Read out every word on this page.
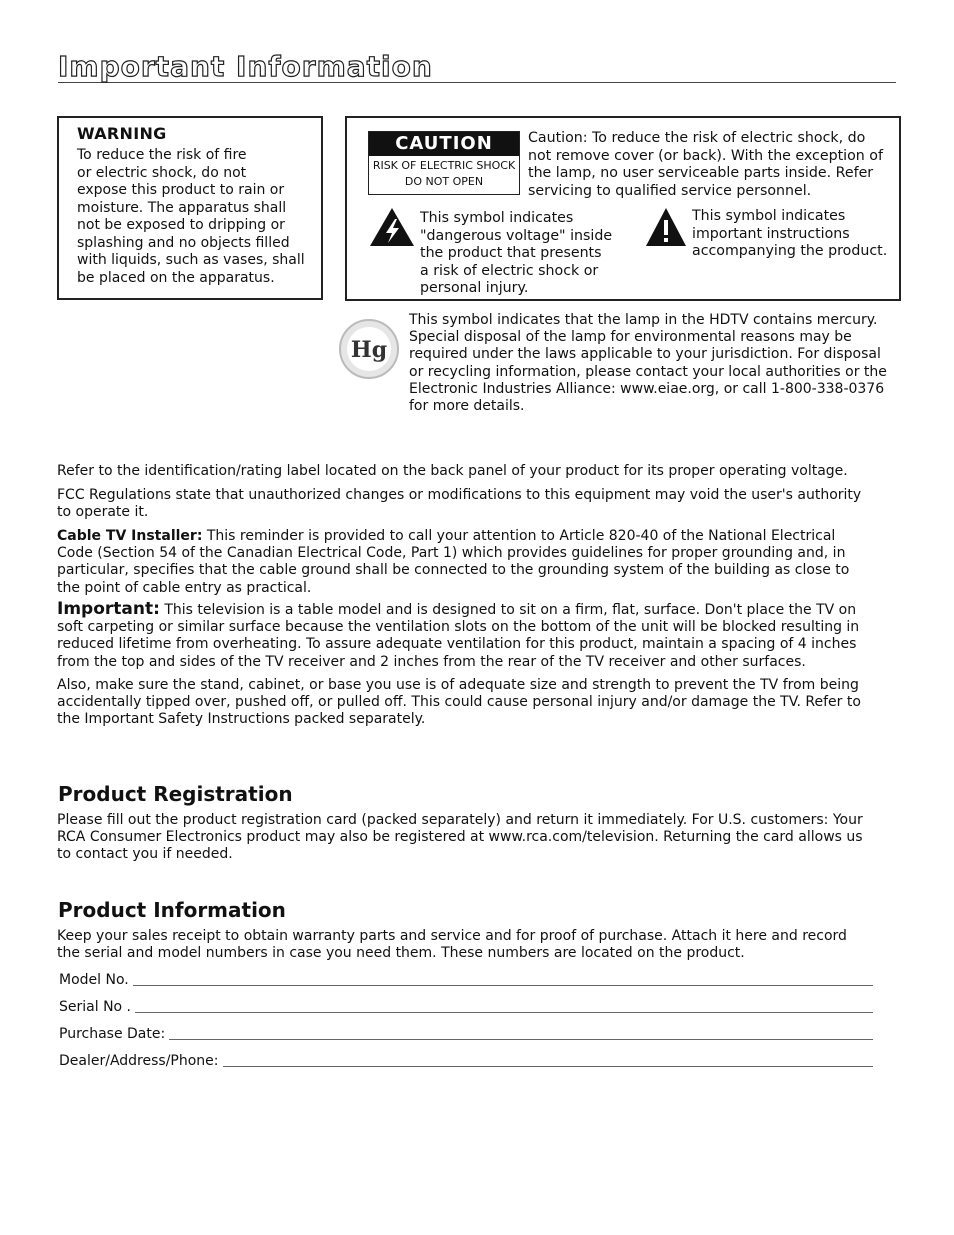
Important Information
WARNING
To reduce the risk of fire
or electric shock, do not
expose this product to rain or
moisture. The apparatus shall
not be exposed to dripping or
splashing and no objects filled
with liquids, such as vases, shall
be placed on the apparatus.
CAUTION
RISK OF ELECTRIC SHOCK
DO NOT OPEN
Caution: To reduce the risk of electric shock, do
not remove cover (or back). With the exception of
the lamp, no user serviceable parts inside. Refer
servicing to qualified service personnel.
This symbol indicates
"dangerous voltage" inside
the product that presents
a risk of electric shock or
personal injury.
This symbol indicates
important instructions
accompanying the product.
Hg
This symbol indicates that the lamp in the HDTV contains mercury.
Special disposal of the lamp for environmental reasons may be
required under the laws applicable to your jurisdiction. For disposal
or recycling information, please contact your local authorities or the
Electronic Industries Alliance: www.eiae.org, or call 1-800-338-0376
for more details.
Refer to the identification/rating label located on the back panel of your product for its proper operating voltage.
FCC Regulations state that unauthorized changes or modifications to this equipment may void the user's authority
to operate it.
Cable TV Installer: This reminder is provided to call your attention to Article 820-40 of the National Electrical
Code (Section 54 of the Canadian Electrical Code, Part 1) which provides guidelines for proper grounding and, in
particular, specifies that the cable ground shall be connected to the grounding system of the building as close to
the point of cable entry as practical.
Important: This television is a table model and is designed to sit on a firm, flat, surface. Don't place the TV on
soft carpeting or similar surface because the ventilation slots on the bottom of the unit will be blocked resulting in
reduced lifetime from overheating. To assure adequate ventilation for this product, maintain a spacing of 4 inches
from the top and sides of the TV receiver and 2 inches from the rear of the TV receiver and other surfaces.
Also, make sure the stand, cabinet, or base you use is of adequate size and strength to prevent the TV from being
accidentally tipped over, pushed off, or pulled off. This could cause personal injury and/or damage the TV. Refer to
the Important Safety Instructions packed separately.
Product Registration
Please fill out the product registration card (packed separately) and return it immediately. For U.S. customers: Your
RCA Consumer Electronics product may also be registered at www.rca.com/television. Returning the card allows us
to contact you if needed.
Product Information
Keep your sales receipt to obtain warranty parts and service and for proof of purchase. Attach it here and record
the serial and model numbers in case you need them. These numbers are located on the product.
Model No.
Serial No .
Purchase Date:
Dealer/Address/Phone:
